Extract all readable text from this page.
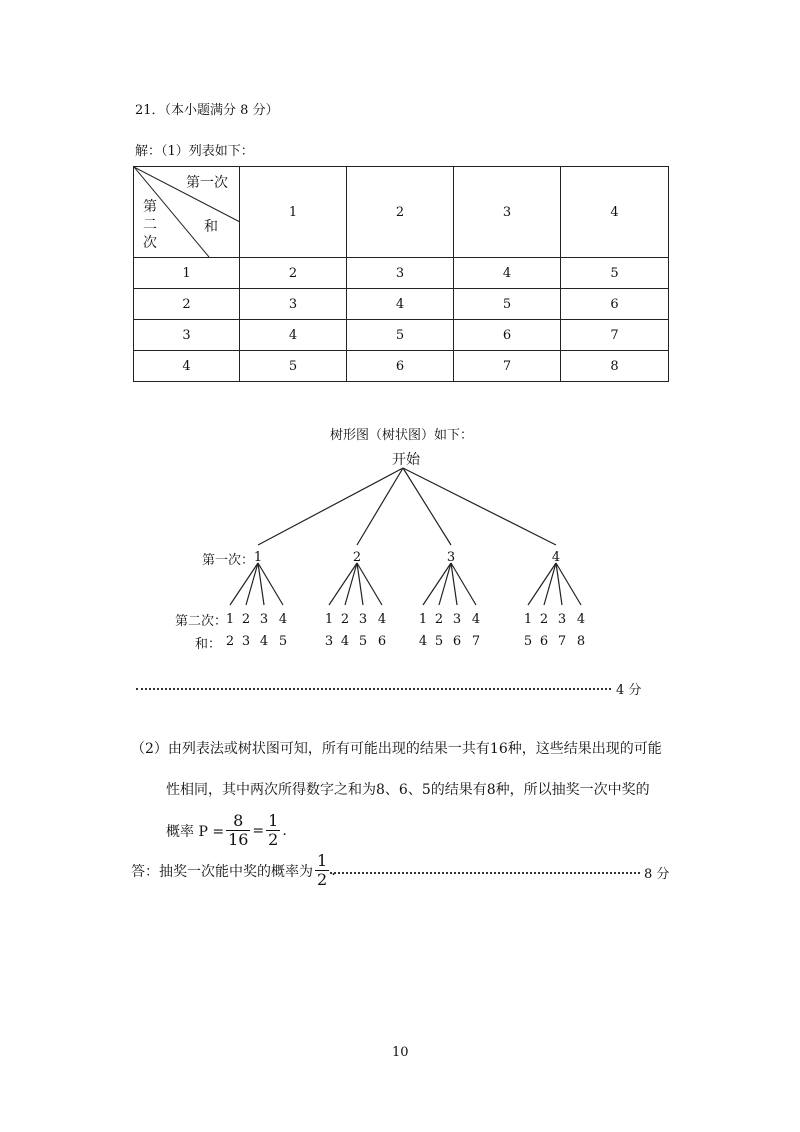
21．（本小题满分 8 分）
解：（1）列表如下：
第一次
和
第
二
次	1	2	3	4
1	2	3	4	5
2	3	4	5	6
3	4	5	6	7
4	5	6	7	8
树形图（树状图）如下：
开始
1
1
2
2
3
3
4
4
5
2
1
3
2
4
3
5
4
6
3
1
4
2
5
3
6
4
7
4
1
5
2
6
3
7
4
8
第一次：
第二次：
和：
4 分
（2）由列表法或树状图可知，所有可能出现的结果一共有16种，这些结果出现的可能
性相同，其中两次所得数字之和为8、6、5的结果有8种，所以抽奖一次中奖的
概率 $P = \frac{8}{16} = \frac{1}{2}$ .
答：抽奖一次能中奖的概率为 $\frac{1}{2}$ .	8 分
10
